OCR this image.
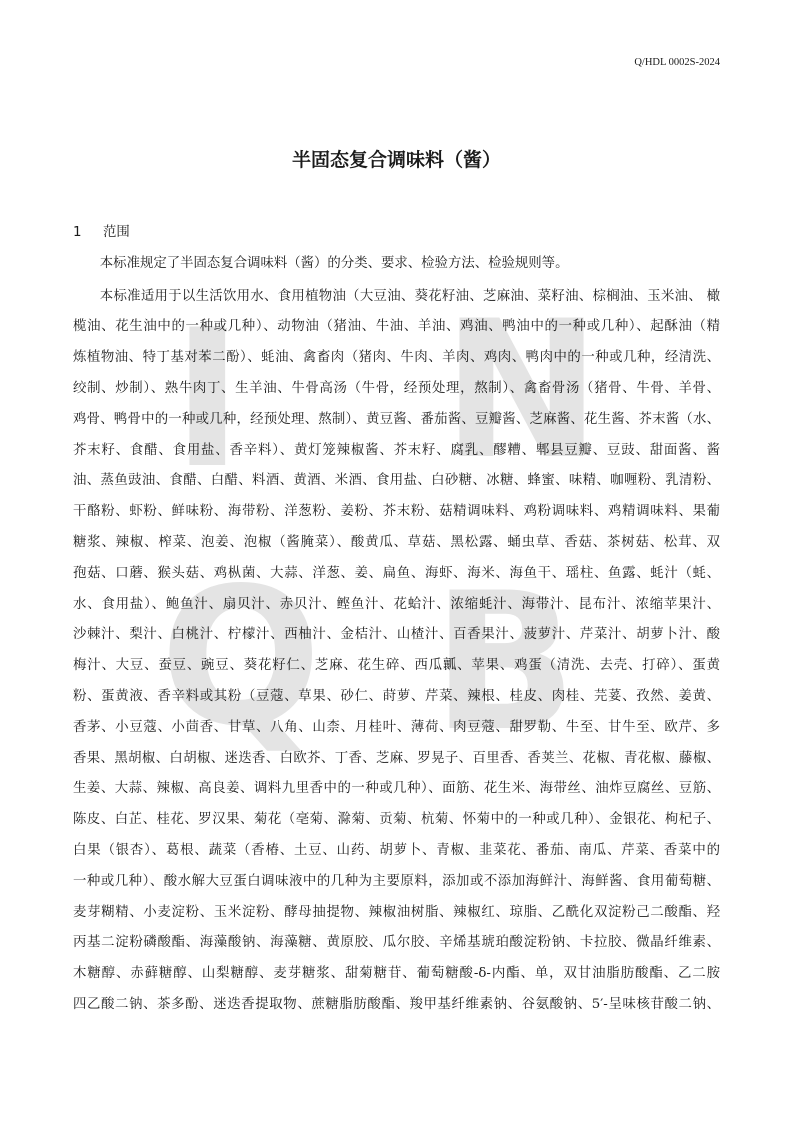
I N
Q B
Q/HDL 0002S-2024
半固态复合调味料（酱）
1 范围
本标准规定了半固态复合调味料（酱）的分类、要求、检验方法、检验规则等。
本标准适用于以生活饮用水、食用植物油（大豆油、葵花籽油、芝麻油、菜籽油、棕榈油、玉米油、 橄
榄油、花生油中的一种或几种）、动物油（猪油、牛油、羊油、鸡油、鸭油中的一种或几种）、起酥油（精
炼植物油、特丁基对苯二酚）、蚝油、禽畜肉（猪肉、牛肉、羊肉、鸡肉、鸭肉中的一种或几种，经清洗、
绞制、炒制）、熟牛肉丁、生羊油、牛骨高汤（牛骨，经预处理，熬制）、禽畜骨汤（猪骨、牛骨、羊骨、
鸡骨、鸭骨中的一种或几种，经预处理、熬制）、黄豆酱、番茄酱、豆瓣酱、芝麻酱、花生酱、芥末酱（水、
芥末籽、食醋、食用盐、香辛料）、黄灯笼辣椒酱、芥末籽、腐乳、醪糟、郫县豆瓣、豆豉、甜面酱、酱
油、蒸鱼豉油、食醋、白醋、料酒、黄酒、米酒、食用盐、白砂糖、冰糖、蜂蜜、味精、咖喱粉、乳清粉、
干酪粉、虾粉、鲜味粉、海带粉、洋葱粉、姜粉、芥末粉、菇精调味料、鸡粉调味料、鸡精调味料、果葡
糖浆、辣椒、榨菜、泡姜、泡椒（酱腌菜）、酸黄瓜、草菇、黑松露、蛹虫草、香菇、茶树菇、松茸、双
孢菇、口蘑、猴头菇、鸡枞菌、大蒜、洋葱、姜、扁鱼、海虾、海米、海鱼干、瑶柱、鱼露、蚝汁（蚝、
水、食用盐）、鲍鱼汁、扇贝汁、赤贝汁、鲣鱼汁、花蛤汁、浓缩蚝汁、海带汁、昆布汁、浓缩苹果汁、
沙棘汁、梨汁、白桃汁、柠檬汁、西柚汁、金桔汁、山楂汁、百香果汁、菠萝汁、芹菜汁、胡萝卜汁、酸
梅汁、大豆、蚕豆、豌豆、葵花籽仁、芝麻、花生碎、西瓜瓤、苹果、鸡蛋（清洗、去壳、打碎）、蛋黄
粉、蛋黄液、香辛料或其粉（豆蔻、草果、砂仁、莳萝、芹菜、辣根、桂皮、肉桂、芫荽、孜然、姜黄、
香茅、小豆蔻、小茴香、甘草、八角、山柰、月桂叶、薄荷、肉豆蔻、甜罗勒、牛至、甘牛至、欧芹、多
香果、黑胡椒、白胡椒、迷迭香、白欧芥、丁香、芝麻、罗晃子、百里香、香荚兰、花椒、青花椒、藤椒、
生姜、大蒜、辣椒、高良姜、调料九里香中的一种或几种）、面筋、花生米、海带丝、油炸豆腐丝、豆筋、
陈皮、白芷、桂花、罗汉果、菊花（亳菊、滁菊、贡菊、杭菊、怀菊中的一种或几种）、金银花、枸杞子、
白果（银杏）、葛根、蔬菜（香椿、土豆、山药、胡萝卜、青椒、韭菜花、番茄、南瓜、芹菜、香菜中的
一种或几种）、酸水解大豆蛋白调味液中的几种为主要原料，添加或不添加海鲜汁、海鲜酱、食用葡萄糖、
麦芽糊精、小麦淀粉、玉米淀粉、酵母抽提物、辣椒油树脂、辣椒红、琼脂、乙酰化双淀粉己二酸酯、羟
丙基二淀粉磷酸酯、海藻酸钠、海藻糖、黄原胶、瓜尔胶、辛烯基琥珀酸淀粉钠、卡拉胶、微晶纤维素、
木糖醇、赤藓糖醇、山梨糖醇、麦芽糖浆、甜菊糖苷、葡萄糖酸-δ-内酯、单，双甘油脂肪酸酯、乙二胺
四乙酸二钠、茶多酚、迷迭香提取物、蔗糖脂肪酸酯、羧甲基纤维素钠、谷氨酸钠、5′-呈味核苷酸二钠、
